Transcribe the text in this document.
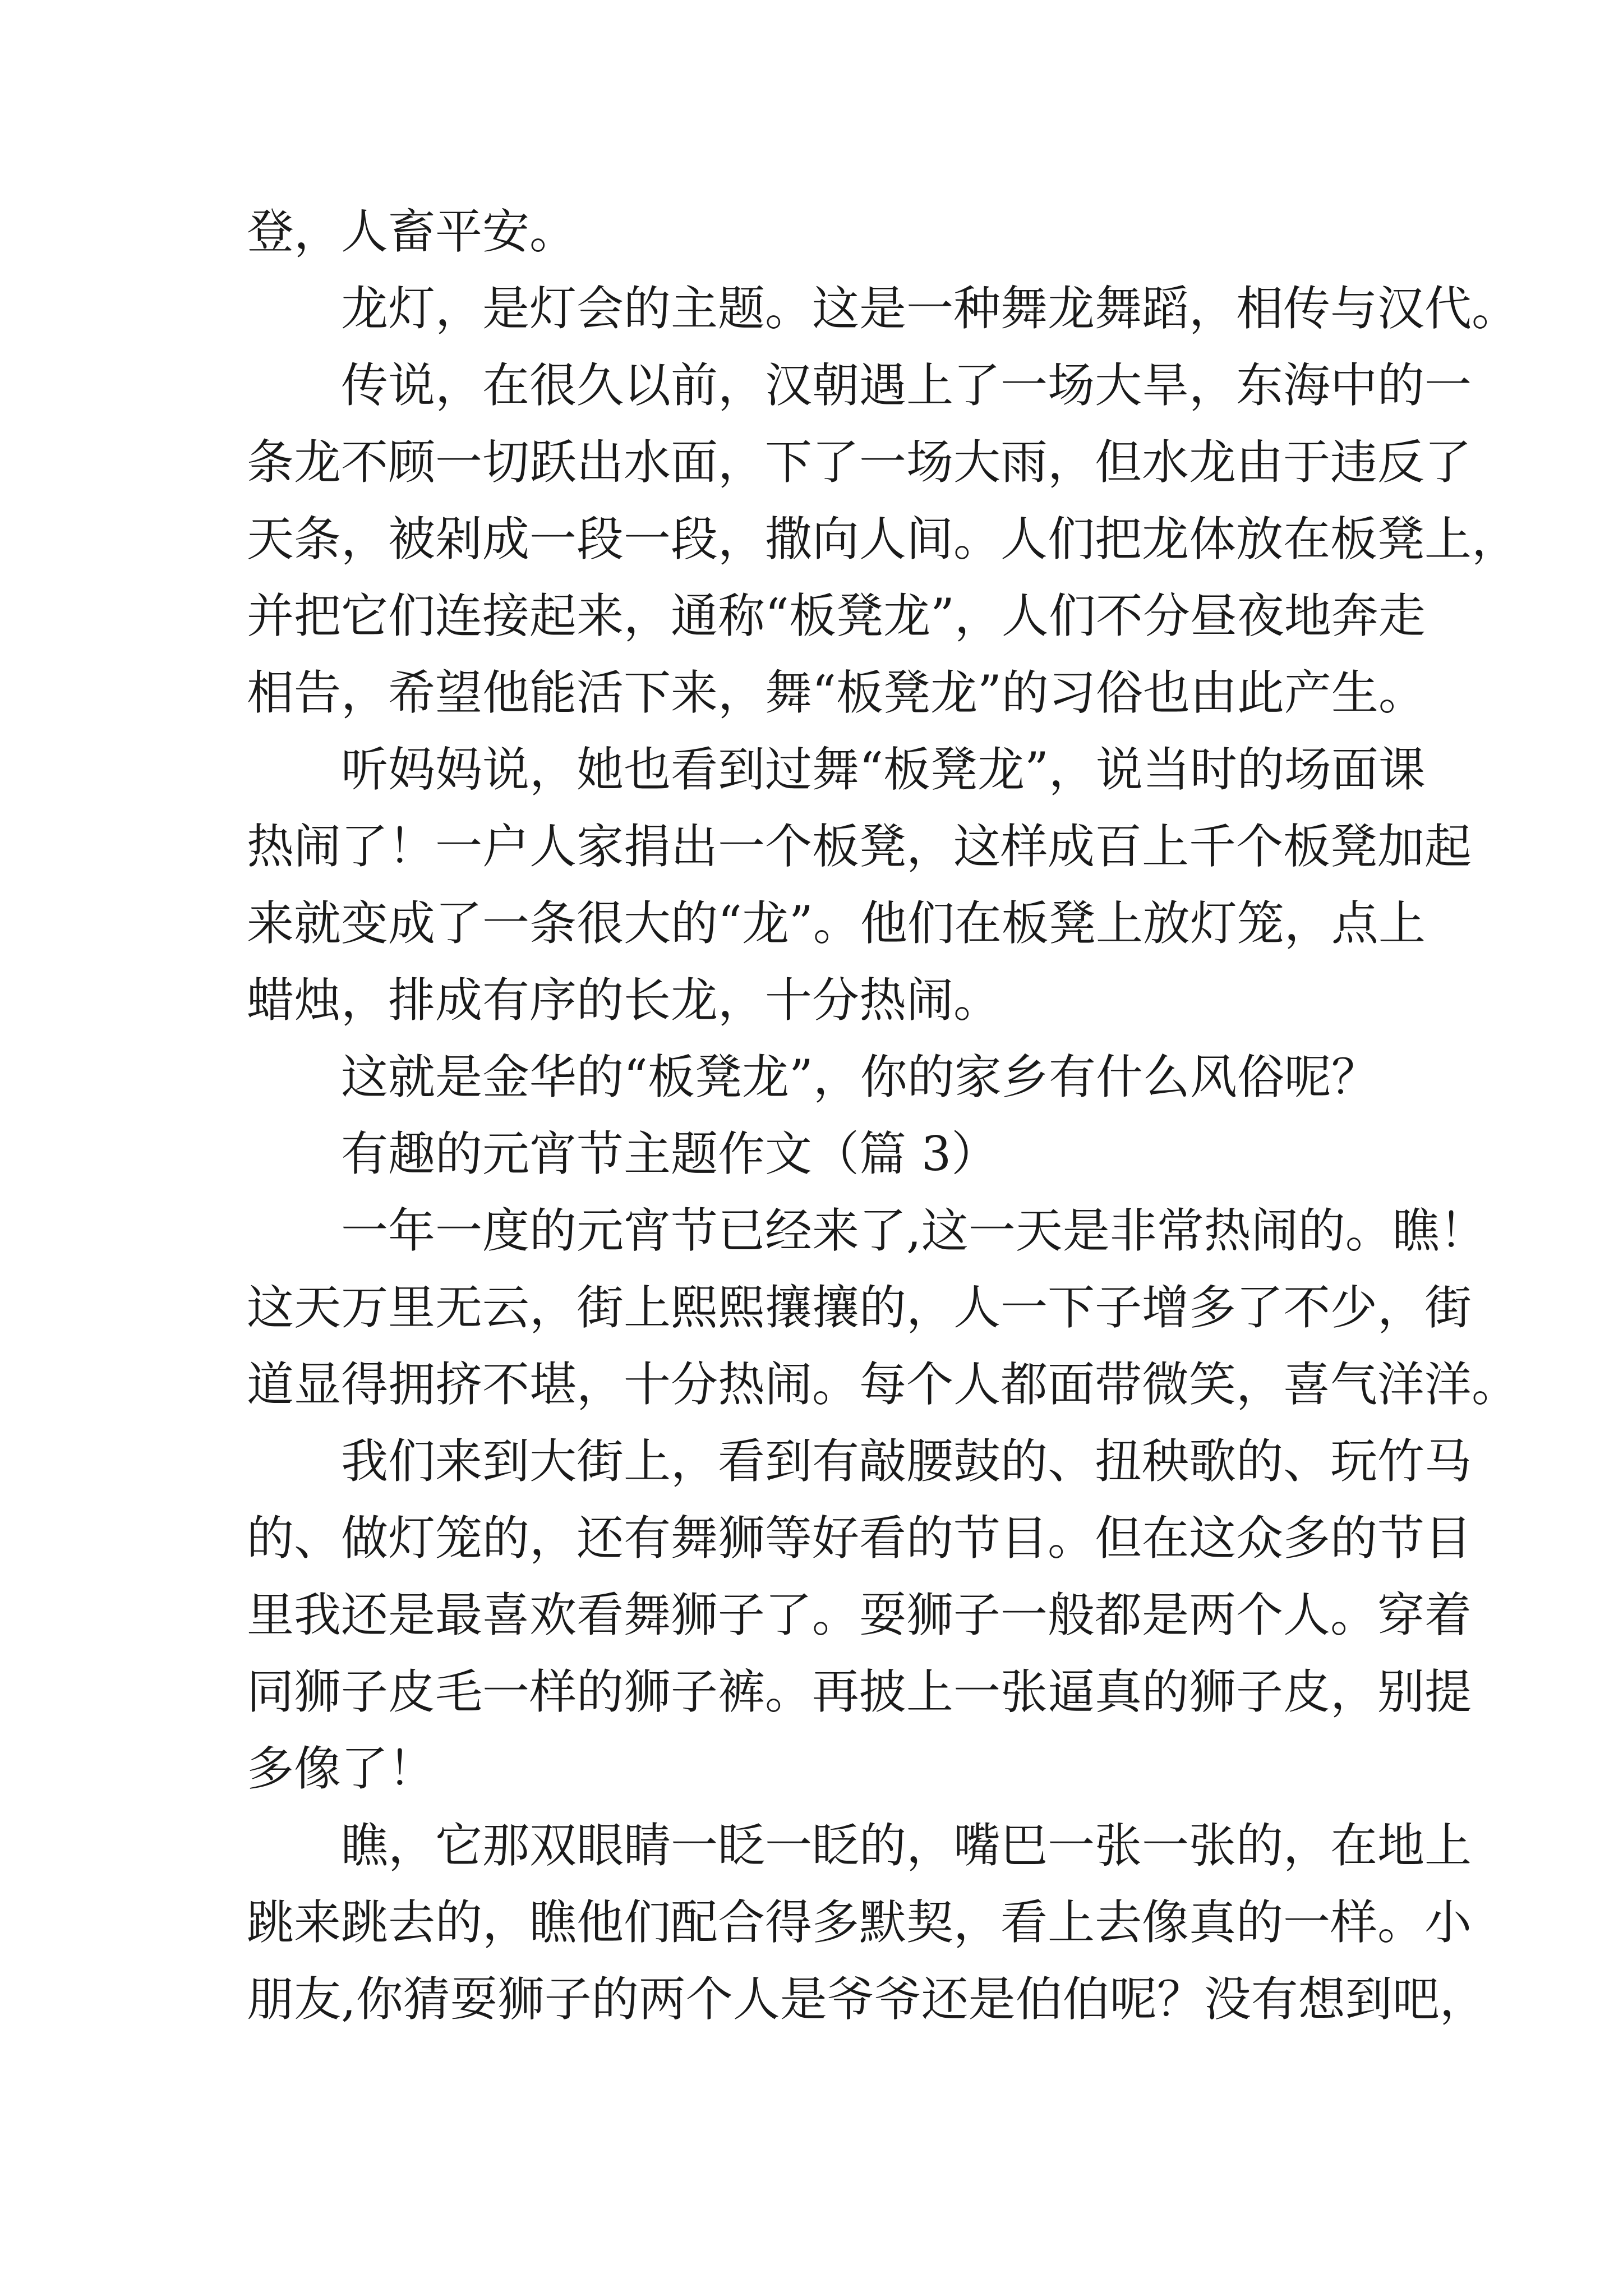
登，人畜平安。
龙灯，是灯会的主题。这是一种舞龙舞蹈，相传与汉代。
传说，在很久以前，汉朝遇上了一场大旱，东海中的一
条龙不顾一切跃出水面，下了一场大雨，但水龙由于违反了
天条，被剁成一段一段，撒向人间。人们把龙体放在板凳上，
并把它们连接起来，通称“板凳龙”，人们不分昼夜地奔走
相告，希望他能活下来，舞“板凳龙”的习俗也由此产生。
听妈妈说，她也看到过舞“板凳龙”，说当时的场面课
热闹了！一户人家捐出一个板凳，这样成百上千个板凳加起
来就变成了一条很大的“龙”。他们在板凳上放灯笼，点上
蜡烛，排成有序的长龙，十分热闹。
这就是金华的“板凳龙”，你的家乡有什么风俗呢？
有趣的元宵节主题作文（篇 3）
一年一度的元宵节已经来了,这一天是非常热闹的。瞧！
这天万里无云，街上熙熙攘攘的，人一下子增多了不少，街
道显得拥挤不堪，十分热闹。每个人都面带微笑，喜气洋洋。
我们来到大街上，看到有敲腰鼓的、扭秧歌的、玩竹马
的、做灯笼的，还有舞狮等好看的节目。但在这众多的节目
里我还是最喜欢看舞狮子了。耍狮子一般都是两个人。穿着
同狮子皮毛一样的狮子裤。再披上一张逼真的狮子皮，别提
多像了！
瞧，它那双眼睛一眨一眨的，嘴巴一张一张的，在地上
跳来跳去的，瞧他们配合得多默契，看上去像真的一样。小
朋友,你猜耍狮子的两个人是爷爷还是伯伯呢？没有想到吧，
